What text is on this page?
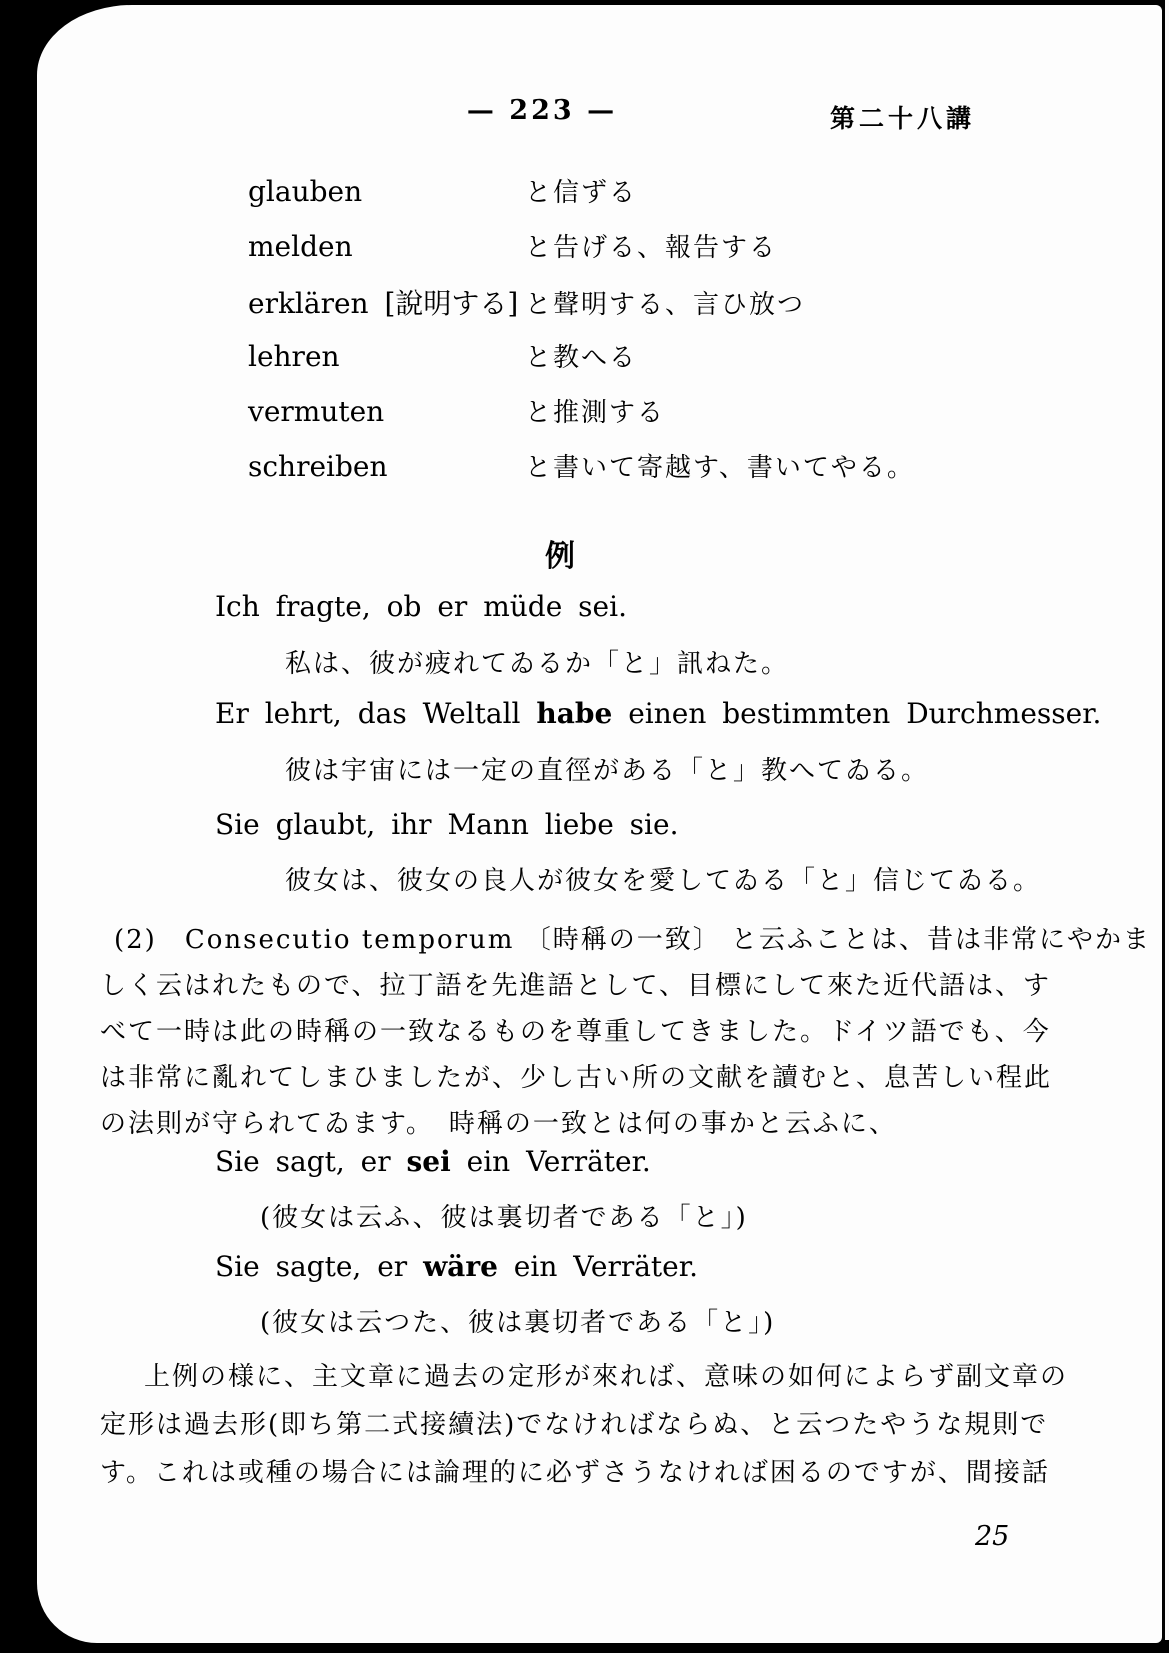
— 223 —	第二十八講
glauben	と信ずる
melden	と告げる、報告する
erklären [說明する] と聲明する、言ひ放つ
lehren	と教へる
vermuten	と推測する
schreiben	と書いて寄越す、書いてやる。
例
Ich fragte, ob er müde sei.
私は、彼が疲れてゐるか「と」訊ねた。
Er lehrt, das Weltall habe einen bestimmten Durchmesser.
彼は宇宙には一定の直徑がある「と」教へてゐる。
Sie glaubt, ihr Mann liebe sie.
彼女は、彼女の良人が彼女を愛してゐる「と」信じてゐる。
(2)　Consecutio temporum 〔時稱の一致〕 と云ふことは、昔は非常にやかま
しく云はれたもので、拉丁語を先進語として、目標にして來た近代語は、す
べて一時は此の時稱の一致なるものを尊重してきました。ドイツ語でも、今
は非常に亂れてしまひましたが、少し古い所の文献を讀むと、息苦しい程此
の法則が守られてゐます。　時稱の一致とは何の事かと云ふに、
Sie sagt, er sei ein Verräter.
(彼女は云ふ、彼は裏切者である「と」)
Sie sagte, er wäre ein Verräter.
(彼女は云つた、彼は裏切者である「と」)
上例の様に、主文章に過去の定形が來れば、意味の如何によらず副文章の
定形は過去形(即ち第二式接續法)でなければならぬ、と云つたやうな規則で
す。これは或種の場合には論理的に必ずさうなければ困るのですが、間接話
25
